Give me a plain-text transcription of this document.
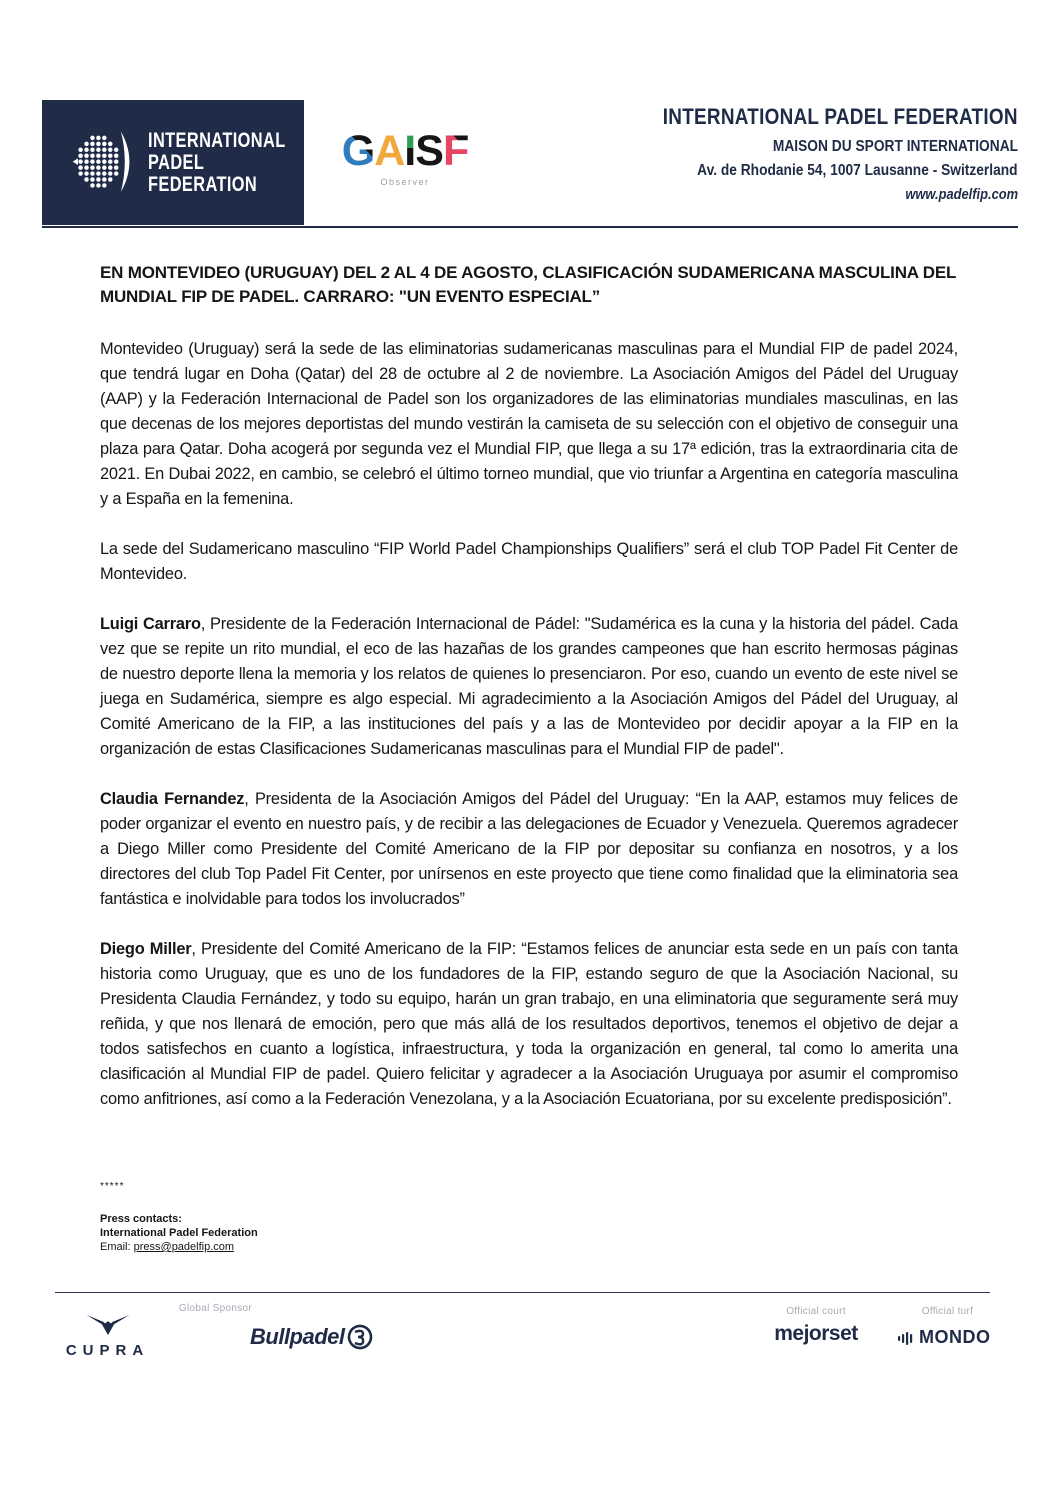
INTERNATIONAL
PADEL
FEDERATION
GAISF
Observer
INTERNATIONAL PADEL FEDERATION
MAISON DU SPORT INTERNATIONAL
Av. de Rhodanie 54, 1007 Lausanne - Switzerland
www.padelfip.com
EN MONTEVIDEO (URUGUAY) DEL 2 AL 4 DE AGOSTO, CLASIFICACIÓN SUDAMERICANA MASCULINA DEL MUNDIAL FIP DE PADEL. CARRARO: "UN EVENTO ESPECIAL”

Montevideo (Uruguay) será la sede de las eliminatorias sudamericanas masculinas para el Mundial FIP de padel 2024, que tendrá lugar en Doha (Qatar) del 28 de octubre al 2 de noviembre. La Asociación Amigos del Pádel del Uruguay (AAP) y la Federación Internacional de Padel son los organizadores de las eliminatorias mundiales masculinas, en las que decenas de los mejores deportistas del mundo vestirán la camiseta de su selección con el objetivo de conseguir una plaza para Qatar. Doha acogerá por segunda vez el Mundial FIP, que llega a su 17ª edición, tras la extraordinaria cita de 2021. En Dubai 2022, en cambio, se celebró el último torneo mundial, que vio triunfar a Argentina en categoría masculina y a España en la femenina.

La sede del Sudamericano masculino “FIP World Padel Championships Qualifiers” será el club TOP Padel Fit Center de Montevideo.

Luigi Carraro, Presidente de la Federación Internacional de Pádel: "Sudamérica es la cuna y la historia del pádel. Cada vez que se repite un rito mundial, el eco de las hazañas de los grandes campeones que han escrito hermosas páginas de nuestro deporte llena la memoria y los relatos de quienes lo presenciaron. Por eso, cuando un evento de este nivel se juega en Sudamérica, siempre es algo especial. Mi agradecimiento a la Asociación Amigos del Pádel del Uruguay, al Comité Americano de la FIP, a las instituciones del país y a las de Montevideo por decidir apoyar a la FIP en la organización de estas Clasificaciones Sudamericanas masculinas para el Mundial FIP de padel".

Claudia Fernandez, Presidenta de la Asociación Amigos del Pádel del Uruguay: “En la AAP, estamos muy felices de poder organizar el evento en nuestro país, y de recibir a las delegaciones de Ecuador y Venezuela. Queremos agradecer a Diego Miller como Presidente del Comité Americano de la FIP por depositar su confianza en nosotros, y a los directores del club Top Padel Fit Center, por unírsenos en este proyecto que tiene como finalidad que la eliminatoria sea fantástica e inolvidable para todos los involucrados”

Diego Miller, Presidente del Comité Americano de la FIP: “Estamos felices de anunciar esta sede en un país con tanta historia como Uruguay, que es uno de los fundadores de la FIP, estando seguro de que la Asociación Nacional, su Presidenta Claudia Fernández, y todo su equipo, harán un gran trabajo, en una eliminatoria que seguramente será muy reñida, y que nos llenará de emoción, pero que más allá de los resultados deportivos, tenemos el objetivo de dejar a todos satisfechos en cuanto a logística, infraestructura, y toda la organización en general, tal como lo amerita una clasificación al Mundial FIP de padel. Quiero felicitar y agradecer a la Asociación Uruguaya por asumir el compromiso como anfitriones, así como a la Federación Venezolana, y a la Asociación Ecuatoriana, por su excelente predisposición”.

*****
Press contacts:
International Padel Federation
Email: press@padelfip.com
Global Sponsor	Official court	Official turf
CUPRA
Bullpadel	mejorset	MONDO
